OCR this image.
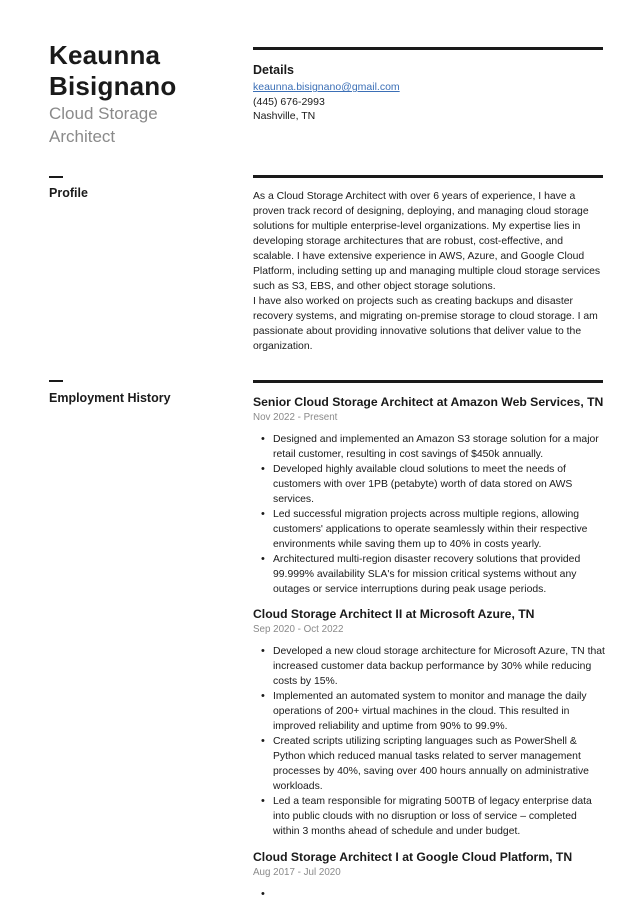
Keaunna
Bisignano
Cloud Storage
Architect
Details
keaunna.bisignano@gmail.com
(445) 676-2993
Nashville, TN
Profile	As a Cloud Storage Architect with over 6 years of experience, I have a proven track record of designing, deploying, and managing cloud storage solutions for multiple enterprise-level organizations. My expertise lies in developing storage architectures that are robust, cost-effective, and scalable. I have extensive experience in AWS, Azure, and Google Cloud Platform, including setting up and managing multiple cloud storage services such as S3, EBS, and other object storage solutions.

I have also worked on projects such as creating backups and disaster recovery systems, and migrating on-premise storage to cloud storage. I am passionate about providing innovative solutions that deliver value to the organization.

Employment History	Senior Cloud Storage Architect at Amazon Web Services, TN
Nov 2022 - Present
• Designed and implemented an Amazon S3 storage solution for a major retail customer, resulting in cost savings of $450k annually.
• Developed highly available cloud solutions to meet the needs of customers with over 1PB (petabyte) worth of data stored on AWS services.
• Led successful migration projects across multiple regions, allowing customers' applications to operate seamlessly within their respective environments while saving them up to 40% in costs yearly.
• Architectured multi-region disaster recovery solutions that provided 99.999% availability SLA's for mission critical systems without any outages or service interruptions during peak usage periods.
Cloud Storage Architect II at Microsoft Azure, TN
Sep 2020 - Oct 2022
• Developed a new cloud storage architecture for Microsoft Azure, TN that increased customer data backup performance by 30% while reducing costs by 15%.
• Implemented an automated system to monitor and manage the daily operations of 200+ virtual machines in the cloud. This resulted in improved reliability and uptime from 90% to 99.9%.
• Created scripts utilizing scripting languages such as PowerShell & Python which reduced manual tasks related to server management processes by 40%, saving over 400 hours annually on administrative workloads.
• Led a team responsible for migrating 500TB of legacy enterprise data into public clouds with no disruption or loss of service – completed within 3 months ahead of schedule and under budget.
Cloud Storage Architect I at Google Cloud Platform, TN
Aug 2017 - Jul 2020
